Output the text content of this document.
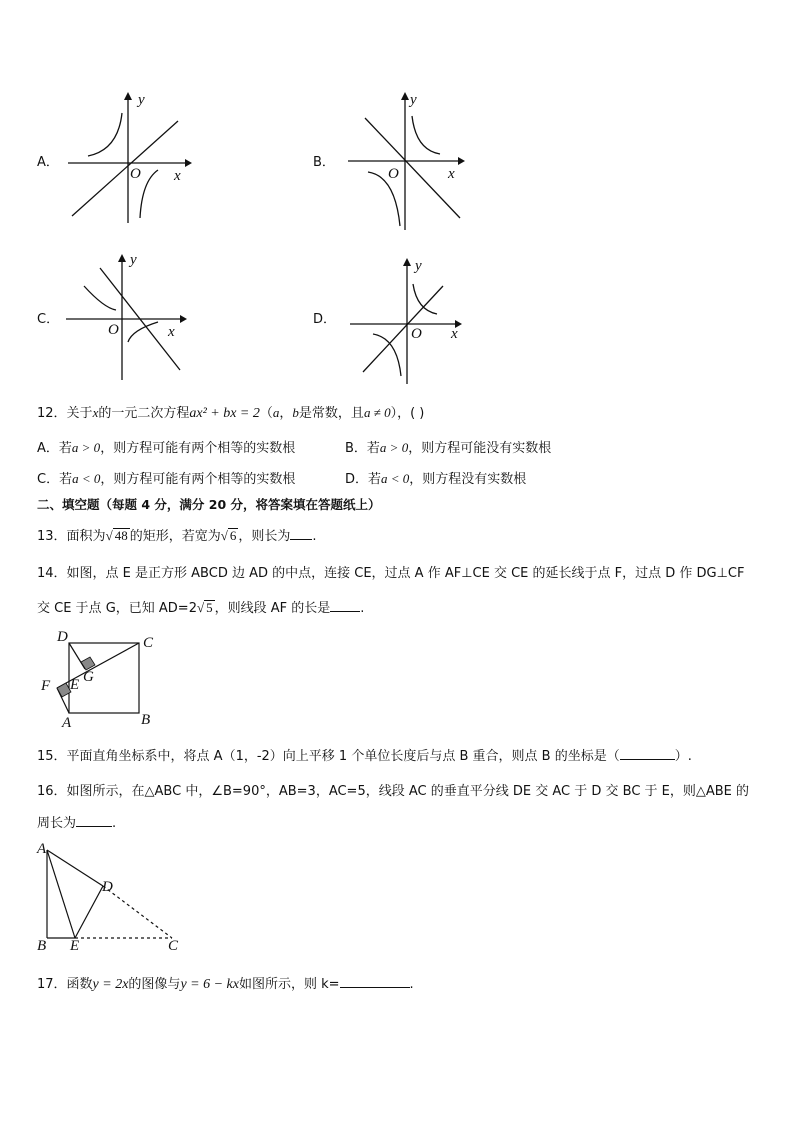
A．
O x
y
B．
O	x
y
C．
O	x
y
D．
O x
y
12．关于x的一元二次方程ax² + bx = 2（a，b是常数，且a ≠ 0），( )
A．若a > 0，则方程可能有两个相等的实数根	B．若a > 0，则方程可能没有实数根
C．若a < 0，则方程可能有两个相等的实数根	D．若a < 0，则方程没有实数根
二、填空题（每题 4 分，满分 20 分，将答案填在答题纸上）
13．面积为√ 48 的矩形，若宽为√ 6 ，则长为 .
14．如图，点 E 是正方形 ABCD 边 AD 的中点，连接 CE，过点 A 作 AF⊥CE 交 CE 的延长线于点 F，过点 D 作 DG⊥CF
交 CE 于点 G，已知 AD=2√ 5 ，则线段 AF 的长是 .
D	C
G
F E
A	B
15．平面直角坐标系中，将点 A（1，-2）向上平移 1 个单位长度后与点 B 重合，则点 B 的坐标是（	）.
16．如图所示，在△ABC 中，∠B=90°，AB=3，AC=5，线段 AC 的垂直平分线 DE 交 AC 于 D 交 BC 于 E，则△ABE 的
周长为	.
A
D
B E	C
17．函数y = 2x的图像与y = 6 − kx如图所示，则 k=	.
